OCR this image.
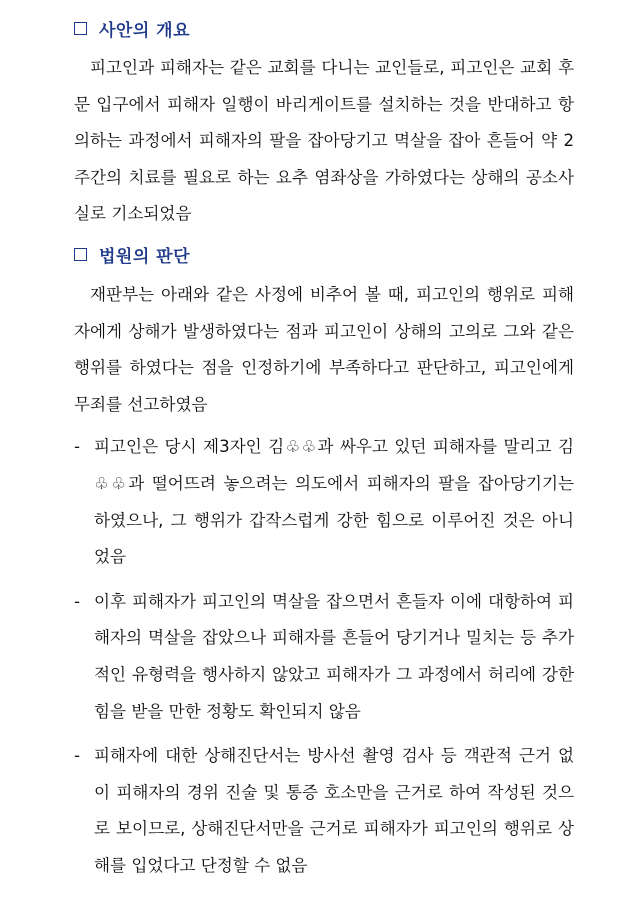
사안의 개요

피고인과 피해자는 같은 교회를 다니는 교인들로, 피고인은 교회 후문 입구에서 피해자 일행이 바리게이트를 설치하는 것을 반대하고 항의하는 과정에서 피해자의 팔을 잡아당기고 멱살을 잡아 흔들어 약 2주간의 치료를 필요로 하는 요추 염좌상을 가하였다는 상해의 공소사실로 기소되었음

법원의 판단

재판부는 아래와 같은 사정에 비추어 볼 때, 피고인의 행위로 피해자에게 상해가 발생하였다는 점과 피고인이 상해의 고의로 그와 같은 행위를 하였다는 점을 인정하기에 부족하다고 판단하고, 피고인에게 무죄를 선고하였음

- 피고인은 당시 제3자인 김♧♧과 싸우고 있던 피해자를 말리고 김♧♧과 떨어뜨려 놓으려는 의도에서 피해자의 팔을 잡아당기기는 하였으나, 그 행위가 갑작스럽게 강한 힘으로 이루어진 것은 아니었음
- 이후 피해자가 피고인의 멱살을 잡으면서 흔들자 이에 대항하여 피해자의 멱살을 잡았으나 피해자를 흔들어 당기거나 밀치는 등 추가적인 유형력을 행사하지 않았고 피해자가 그 과정에서 허리에 강한 힘을 받을 만한 정황도 확인되지 않음
- 피해자에 대한 상해진단서는 방사선 촬영 검사 등 객관적 근거 없이 피해자의 경위 진술 및 통증 호소만을 근거로 하여 작성된 것으로 보이므로, 상해진단서만을 근거로 피해자가 피고인의 행위로 상해를 입었다고 단정할 수 없음
